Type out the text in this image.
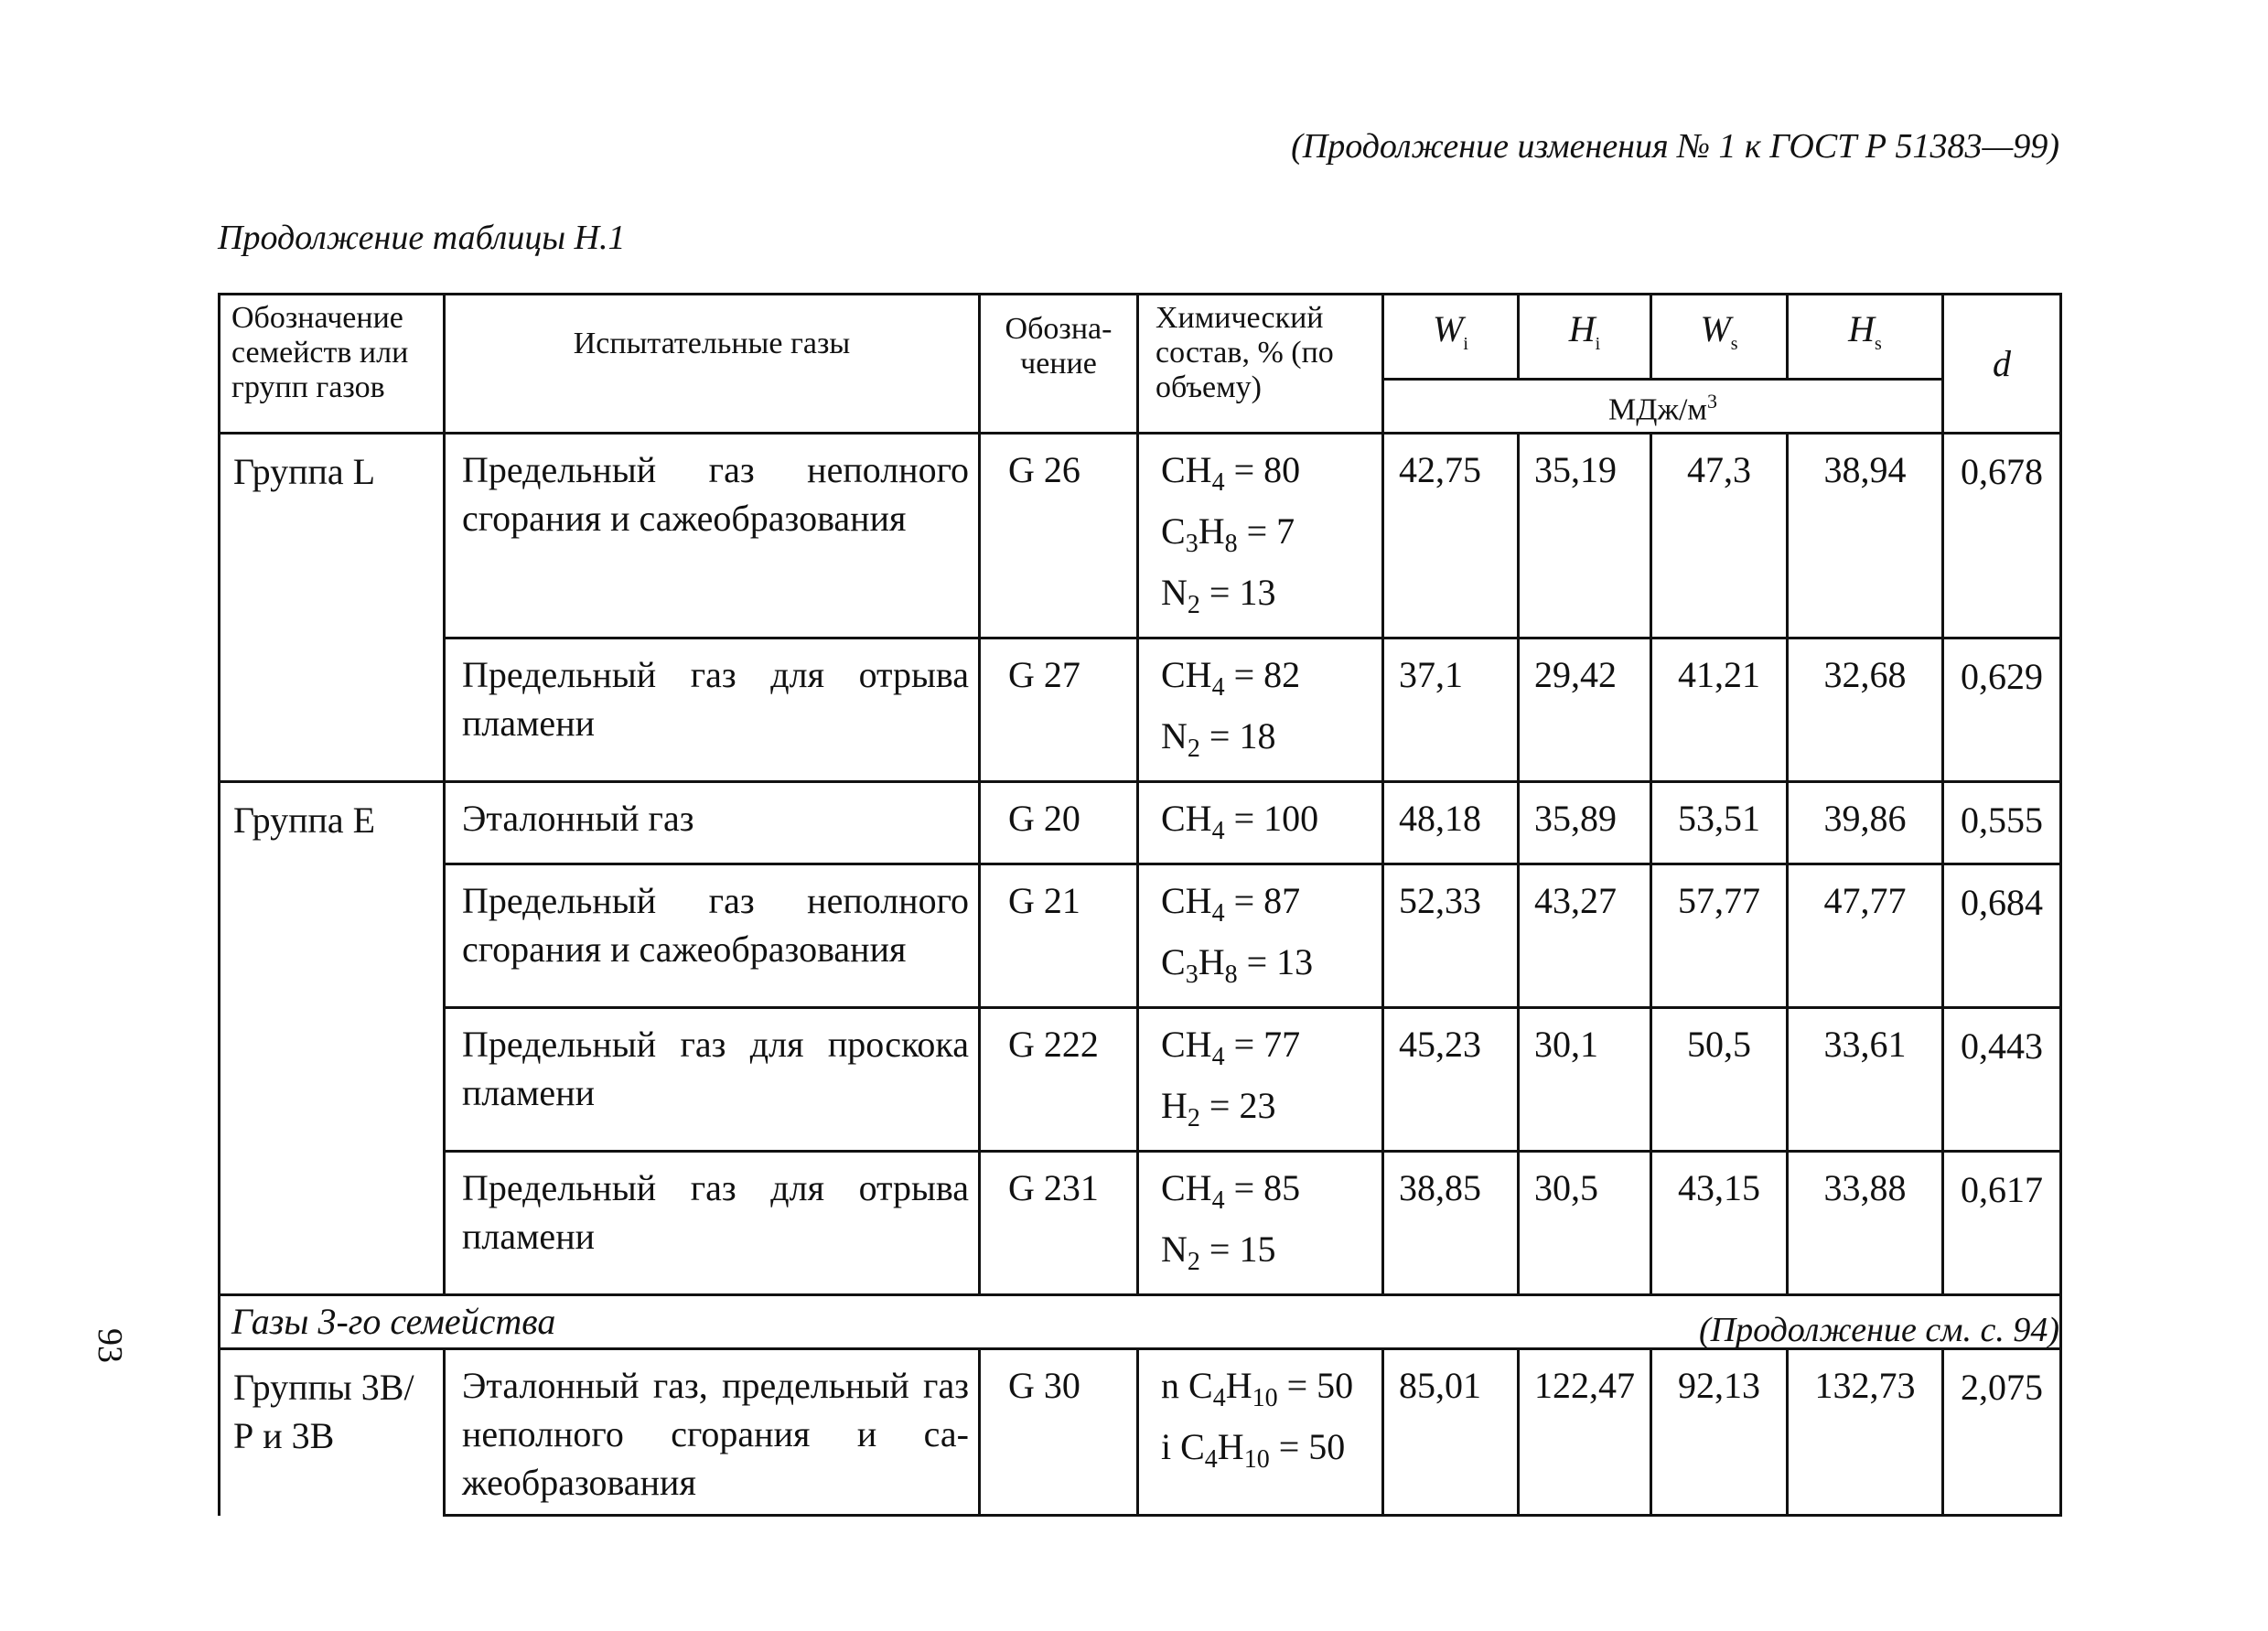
(Продолжение изменения № 1 к ГОСТ Р 51383—99)
Продолжение таблицы Н.1
Обозначение семейств или групп газов	Испытательные газы	Обозна-чение	Химический состав, % (по объему)	$W_i$	$H_i$	$W_s$	$H_s$	d
				МДж/$м^3$
Группа L	Предельный газ неполного сгорания и сажеобразования	G 26	$CH_4 = 80$
$C_3H_8 = 7$
$N_2 = 13$	42,75	35,19	47,3	38,94	0,678
	Предельный газ для отрыва пламени	G 27	$CH_4 = 82$
$N_2 = 18$	37,1	29,42	41,21	32,68	0,629
Группа E	Эталонный газ	G 20	$CH_4 = 100$	48,18	35,89	53,51	39,86	0,555
	Предельный газ неполного сгорания и сажеобразования	G 21	$CH_4 = 87$
$C_3H_8 = 13$	52,33	43,27	57,77	47,77	0,684
	Предельный газ для проскока пламени	G 222	$CH_4 = 77$
$H_2 = 23$	45,23	30,1	50,5	33,61	0,443
	Предельный газ для отрыва пламени	G 231	$CH_4 = 85$
$N_2 = 15$	38,85	30,5	43,15	33,88	0,617
Газы 3-го семейства								
Группы 3В/Р и 3В	Эталонный газ, предельный газ неполного сгорания и са-жеобразования	G 30	n $C_4H_{10} = 50$
i $C_4H_{10} = 50$	85,01	122,47	92,13	132,73	2,075
(Продолжение см. с. 94)
93
